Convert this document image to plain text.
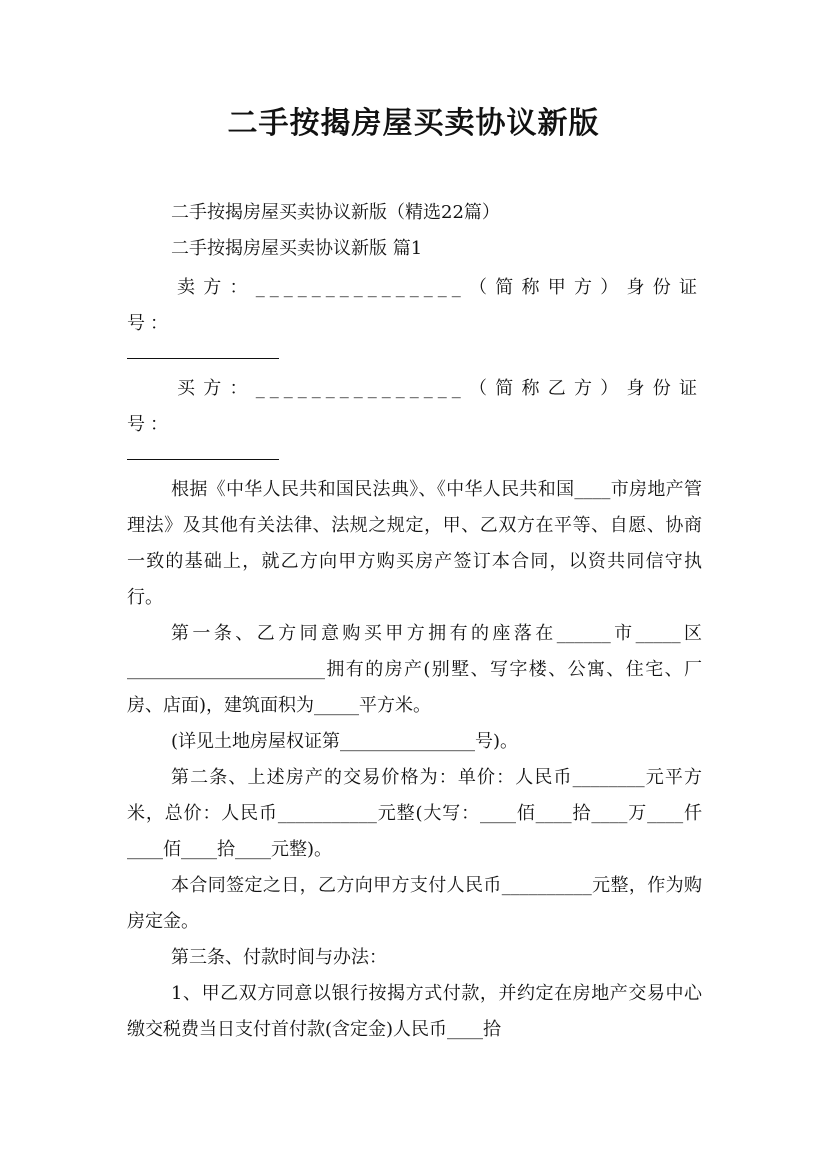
二手按揭房屋买卖协议新版

二手按揭房屋买卖协议新版（精选22篇）

二手按揭房屋买卖协议新版 篇1

卖方：_______________（简称甲方）身份证号：

买方：_______________（简称乙方）身份证号：

根据《中华人民共和国民法典》、《中华人民共和国____市房地产管理法》及其他有关法律、法规之规定，甲、乙双方在平等、自愿、协商一致的基础上，就乙方向甲方购买房产签订本合同，以资共同信守执行。

第一条、乙方同意购买甲方拥有的座落在______市_____区______________________拥有的房产(别墅、写字楼、公寓、住宅、厂房、店面)，建筑面积为_____平方米。

(详见土地房屋权证第_______________号)。

第二条、上述房产的交易价格为：单价：人民币________元平方米，总价：人民币___________元整(大写：____佰____拾____万____仟____佰____拾____元整)。

本合同签定之日，乙方向甲方支付人民币__________元整，作为购房定金。

第三条、付款时间与办法：

1、甲乙双方同意以银行按揭方式付款，并约定在房地产交易中心缴交税费当日支付首付款(含定金)人民币____拾
